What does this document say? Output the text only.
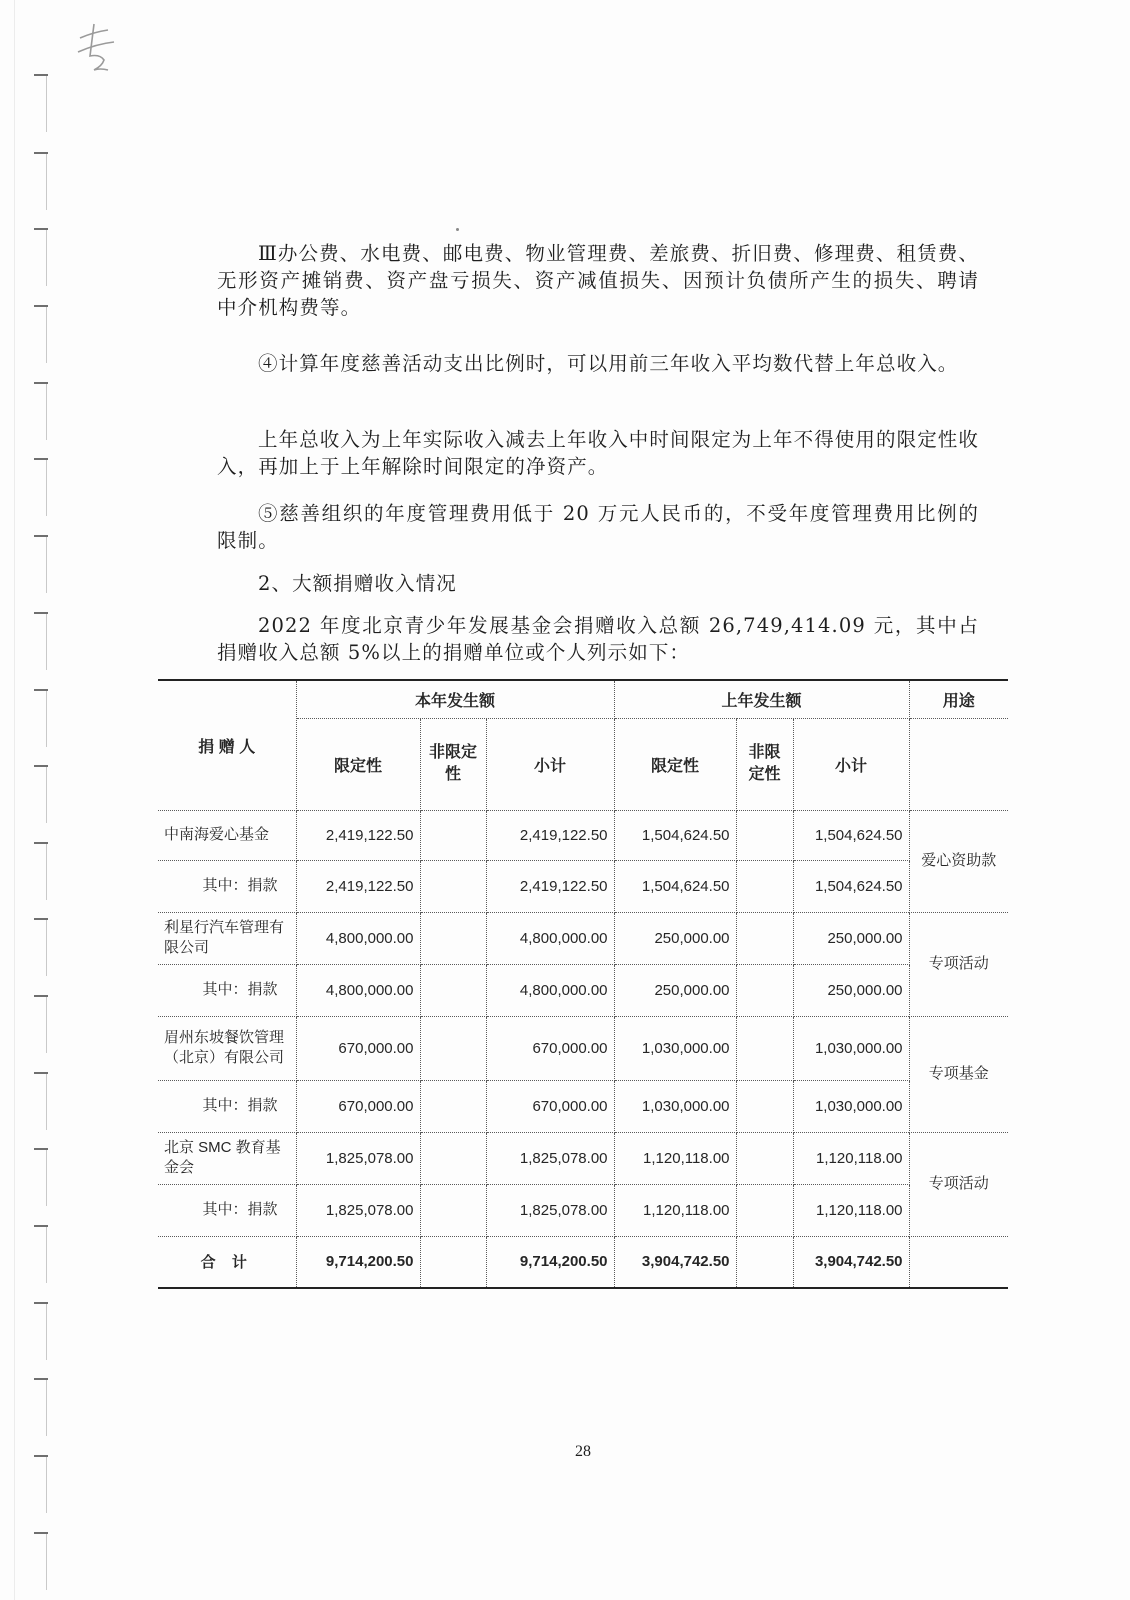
Ⅲ办公费、水电费、邮电费、物业管理费、差旅费、折旧费、修理费、租赁费、无形资产摊销费、资产盘亏损失、资产减值损失、因预计负债所产生的损失、聘请中介机构费等。

④计算年度慈善活动支出比例时，可以用前三年收入平均数代替上年总收入。

上年总收入为上年实际收入减去上年收入中时间限定为上年不得使用的限定性收入，再加上于上年解除时间限定的净资产。

⑤慈善组织的年度管理费用低于 20 万元人民币的，不受年度管理费用比例的限制。

2、大额捐赠收入情况

2022 年度北京青少年发展基金会捐赠收入总额 26,749,414.09 元，其中占捐赠收入总额 5%以上的捐赠单位或个人列示如下：

捐 赠 人	本年发生额			上年发生额			用途
	限定性	非限定性	小计	限定性	非限定性	小计	
中南海爱心基金	2,419,122.50		2,419,122.50	1,504,624.50		1,504,624.50	爱心资助款
其中：捐款	2,419,122.50		2,419,122.50	1,504,624.50		1,504,624.50	
利星行汽车管理有限公司	4,800,000.00		4,800,000.00	250,000.00		250,000.00	专项活动
其中：捐款	4,800,000.00		4,800,000.00	250,000.00		250,000.00	
眉州东坡餐饮管理（北京）有限公司	670,000.00		670,000.00	1,030,000.00		1,030,000.00	专项基金
其中：捐款	670,000.00		670,000.00	1,030,000.00		1,030,000.00	
北京 SMC 教育基金会	1,825,078.00		1,825,078.00	1,120,118.00		1,120,118.00	专项活动
其中：捐款	1,825,078.00		1,825,078.00	1,120,118.00		1,120,118.00	
合 计	9,714,200.50		9,714,200.50	3,904,742.50		3,904,742.50	
28
